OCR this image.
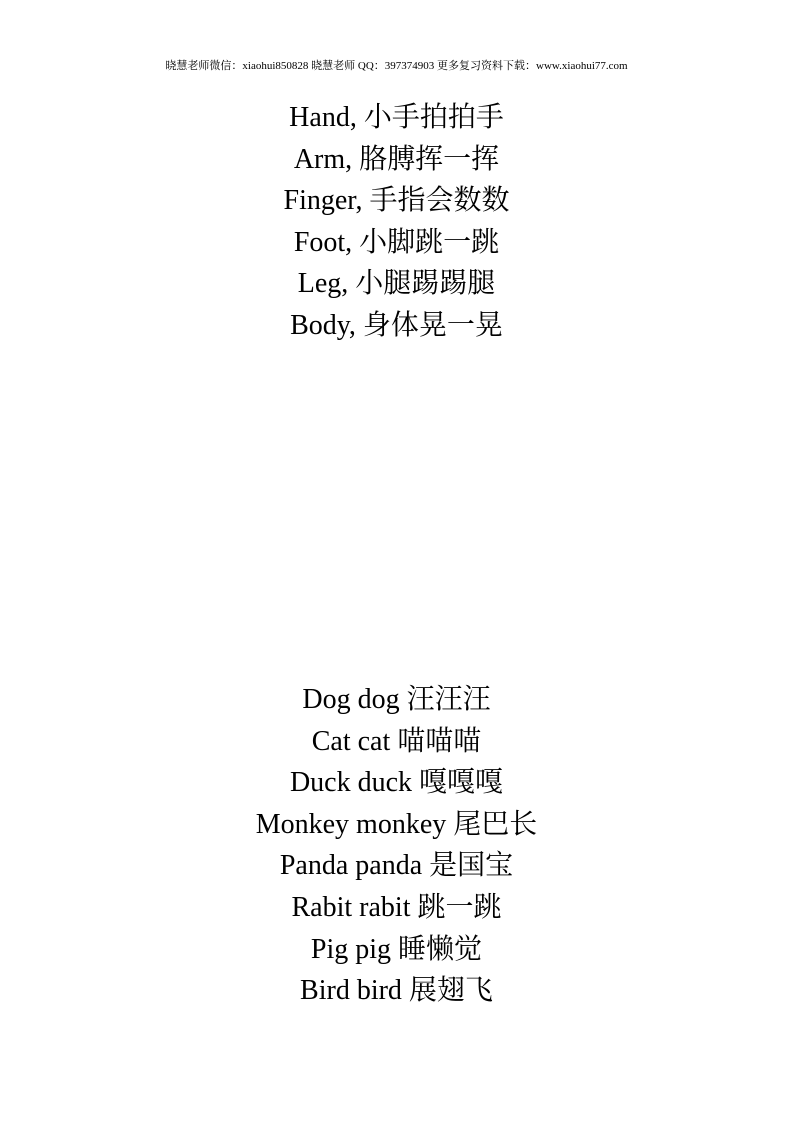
晓慧老师微信：xiaohui850828 晓慧老师 QQ：397374903 更多复习资料下载：www.xiaohui77.com
Hand, 小手拍拍手
Arm, 胳膊挥一挥
Finger, 手指会数数
Foot, 小脚跳一跳
Leg, 小腿踢踢腿
Body, 身体晃一晃
Dog dog 汪汪汪
Cat cat 喵喵喵
Duck duck 嘎嘎嘎
Monkey monkey 尾巴长
Panda panda 是国宝
Rabit rabit 跳一跳
Pig pig 睡懒觉
Bird bird 展翅飞
